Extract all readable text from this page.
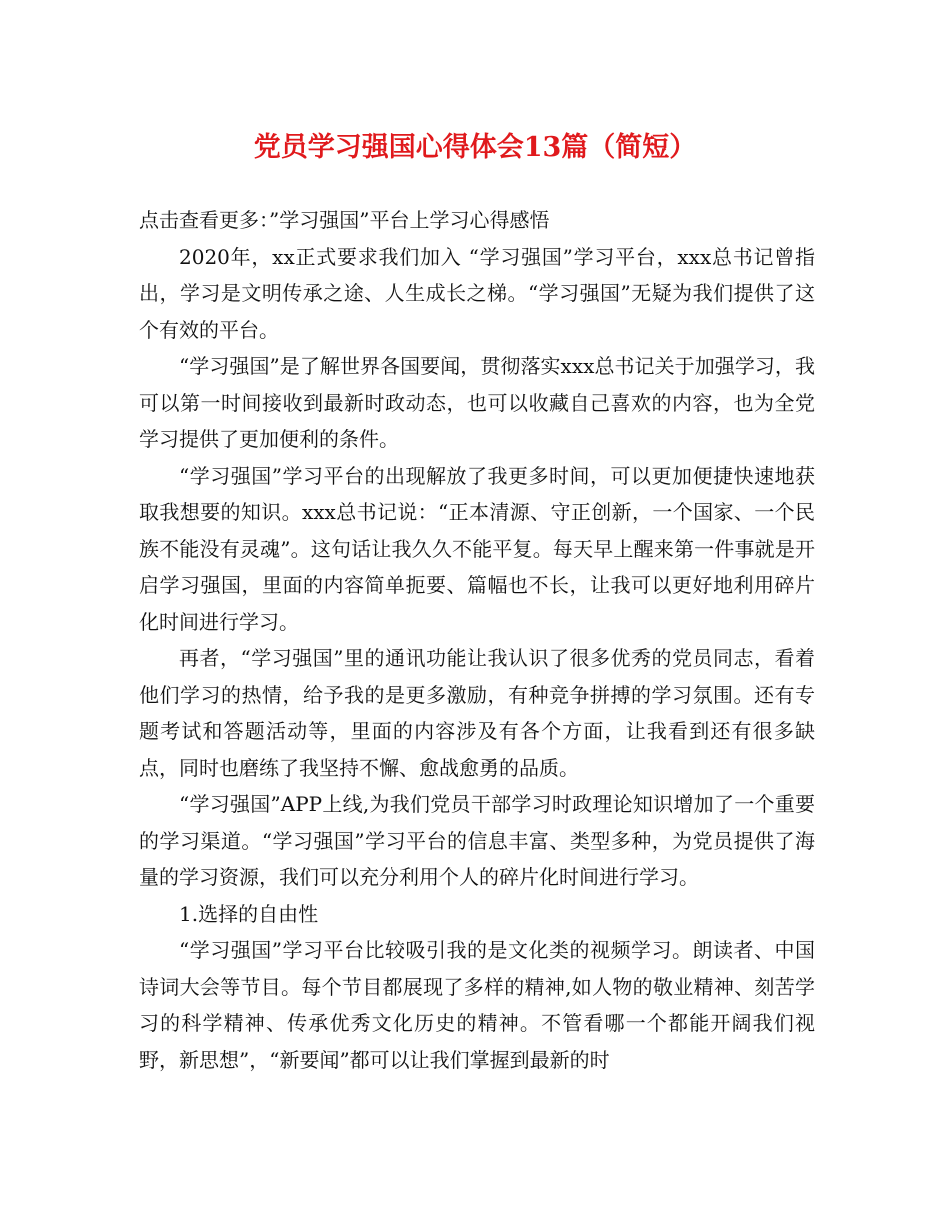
党员学习强国心得体会13篇（简短）

点击查看更多：”学习强国”平台上学习心得感悟

2020年，xx正式要求我们加入 “学习强国”学习平台，xxx总书记曾指出，学习是文明传承之途、人生成长之梯。“学习强国”无疑为我们提供了这个有效的平台。

“学习强国”是了解世界各国要闻，贯彻落实xxx总书记关于加强学习，我可以第一时间接收到最新时政动态，也可以收藏自己喜欢的内容，也为全党学习提供了更加便利的条件。

“学习强国”学习平台的出现解放了我更多时间，可以更加便捷快速地获取我想要的知识。xxx总书记说：“正本清源、守正创新，一个国家、一个民族不能没有灵魂”。这句话让我久久不能平复。每天早上醒来第一件事就是开启学习强国，里面的内容简单扼要、篇幅也不长，让我可以更好地利用碎片化时间进行学习。

再者，“学习强国”里的通讯功能让我认识了很多优秀的党员同志，看着他们学习的热情，给予我的是更多激励，有种竞争拼搏的学习氛围。还有专题考试和答题活动等，里面的内容涉及有各个方面，让我看到还有很多缺点，同时也磨练了我坚持不懈、愈战愈勇的品质。

“学习强国”APP上线,为我们党员干部学习时政理论知识增加了一个重要的学习渠道。“学习强国”学习平台的信息丰富、类型多种，为党员提供了海量的学习资源，我们可以充分利用个人的碎片化时间进行学习。

1.选择的自由性

“学习强国”学习平台比较吸引我的是文化类的视频学习。朗读者、中国诗词大会等节目。每个节目都展现了多样的精神,如人物的敬业精神、刻苦学习的科学精神、传承优秀文化历史的精神。不管看哪一个都能开阔我们视野，新思想”，“新要闻”都可以让我们掌握到最新的时
